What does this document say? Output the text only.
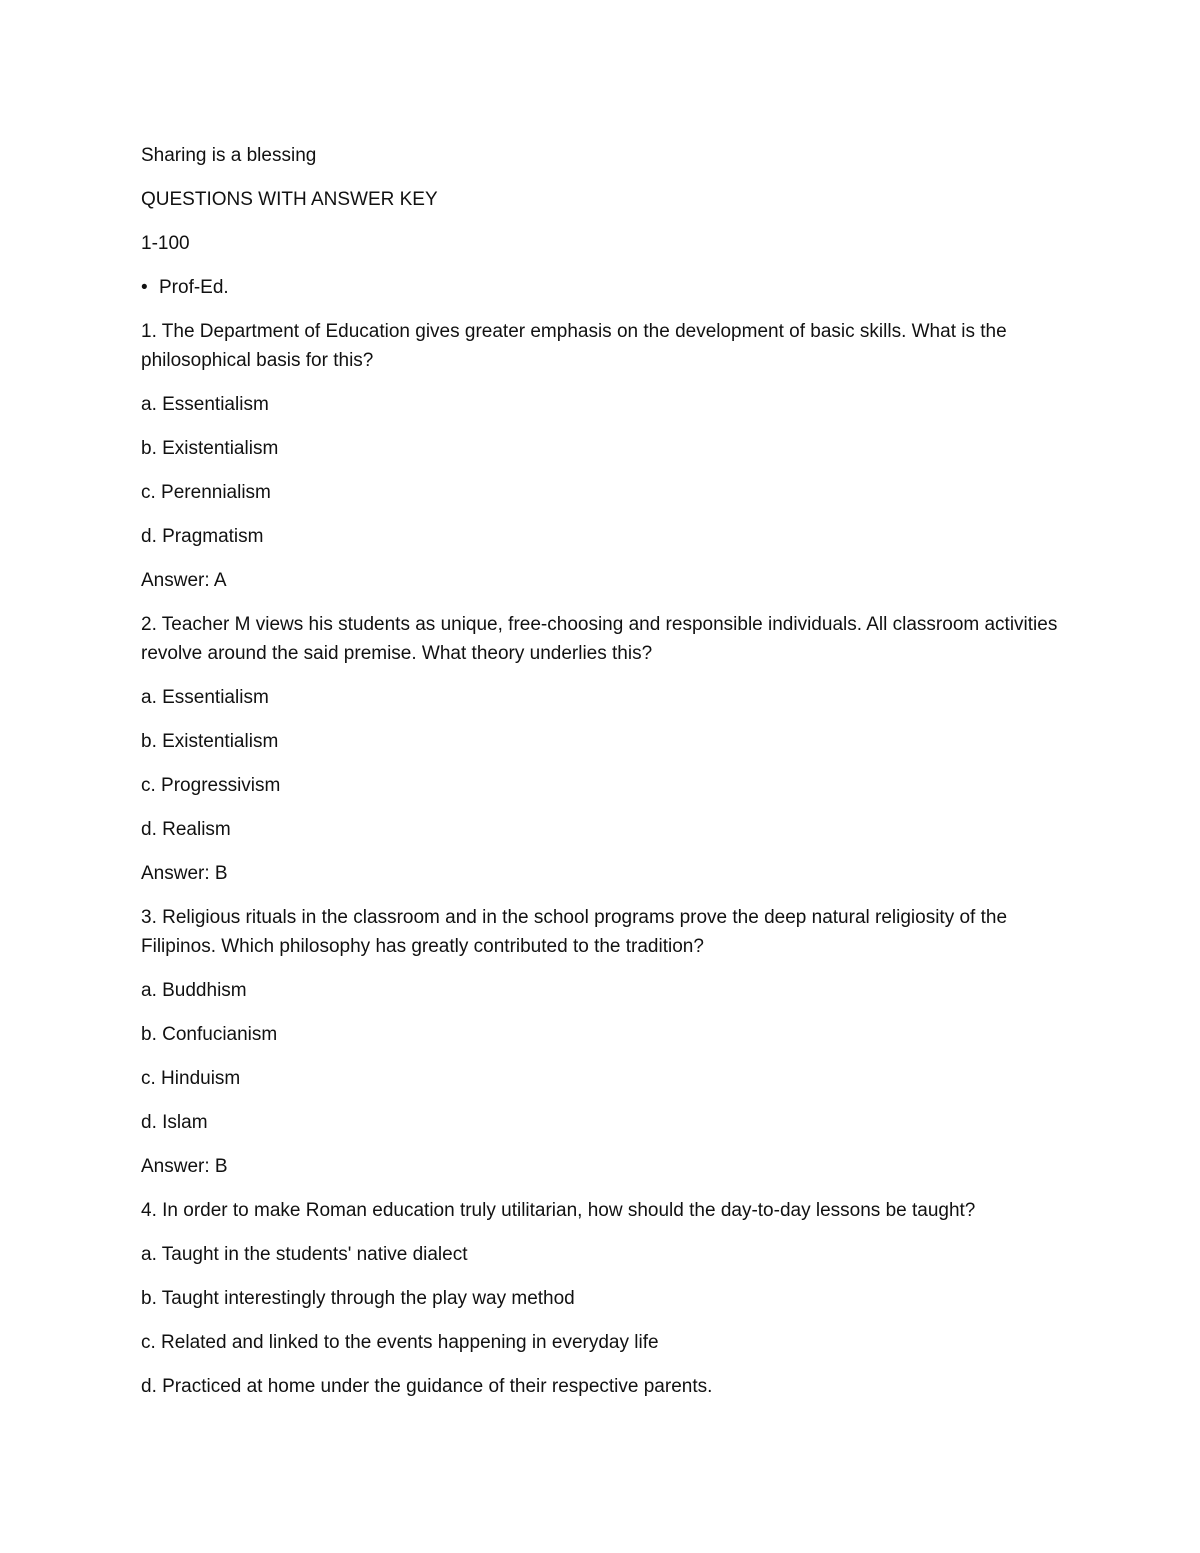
Sharing is a blessing

QUESTIONS WITH ANSWER KEY

1-100

• Prof-Ed.

1. The Department of Education gives greater emphasis on the development of basic skills. What is the philosophical basis for this?

a. Essentialism

b. Existentialism

c. Perennialism

d. Pragmatism

Answer: A

2. Teacher M views his students as unique, free-choosing and responsible individuals. All classroom activities revolve around the said premise. What theory underlies this?

a. Essentialism

b. Existentialism

c. Progressivism

d. Realism

Answer: B

3. Religious rituals in the classroom and in the school programs prove the deep natural religiosity of the Filipinos. Which philosophy has greatly contributed to the tradition?

a. Buddhism

b. Confucianism

c. Hinduism

d. Islam

Answer: B

4. In order to make Roman education truly utilitarian, how should the day-to-day lessons be taught?

a. Taught in the students' native dialect

b. Taught interestingly through the play way method

c. Related and linked to the events happening in everyday life

d. Practiced at home under the guidance of their respective parents.
